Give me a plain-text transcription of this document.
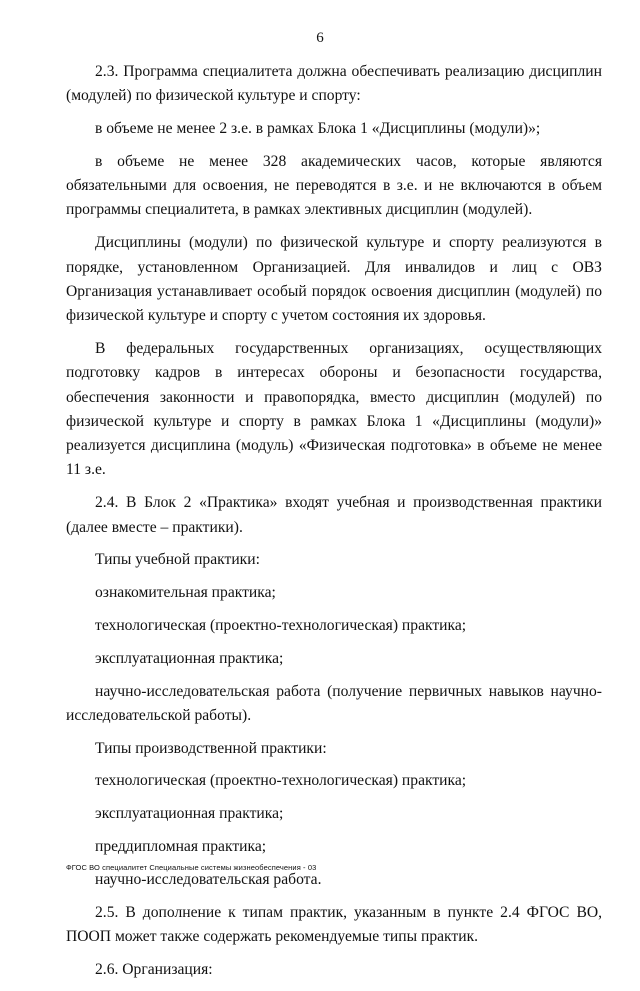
6

2.3. Программа специалитета должна обеспечивать реализацию дисциплин (модулей) по физической культуре и спорту:

в объеме не менее 2 з.е. в рамках Блока 1 «Дисциплины (модули)»;

в объеме не менее 328 академических часов, которые являются обязательными для освоения, не переводятся в з.е. и не включаются в объем программы специалитета, в рамках элективных дисциплин (модулей).

Дисциплины (модули) по физической культуре и спорту реализуются в порядке, установленном Организацией. Для инвалидов и лиц с ОВЗ Организация устанавливает особый порядок освоения дисциплин (модулей) по физической культуре и спорту с учетом состояния их здоровья.

В федеральных государственных организациях, осуществляющих подготовку кадров в интересах обороны и безопасности государства, обеспечения законности и правопорядка, вместо дисциплин (модулей) по физической культуре и спорту в рамках Блока 1 «Дисциплины (модули)» реализуется дисциплина (модуль) «Физическая подготовка» в объеме не менее 11 з.е.

2.4. В Блок 2 «Практика» входят учебная и производственная практики (далее вместе – практики).

Типы учебной практики:

ознакомительная практика;

технологическая (проектно-технологическая) практика;

эксплуатационная практика;

научно-исследовательская работа (получение первичных навыков научно-исследовательской работы).

Типы производственной практики:

технологическая (проектно-технологическая) практика;

эксплуатационная практика;

преддипломная практика;

научно-исследовательская работа.

2.5. В дополнение к типам практик, указанным в пункте 2.4 ФГОС ВО, ПООП может также содержать рекомендуемые типы практик.

2.6. Организация:

ФГОС ВО специалитет Специальные системы жизнеобеспечения - 03
